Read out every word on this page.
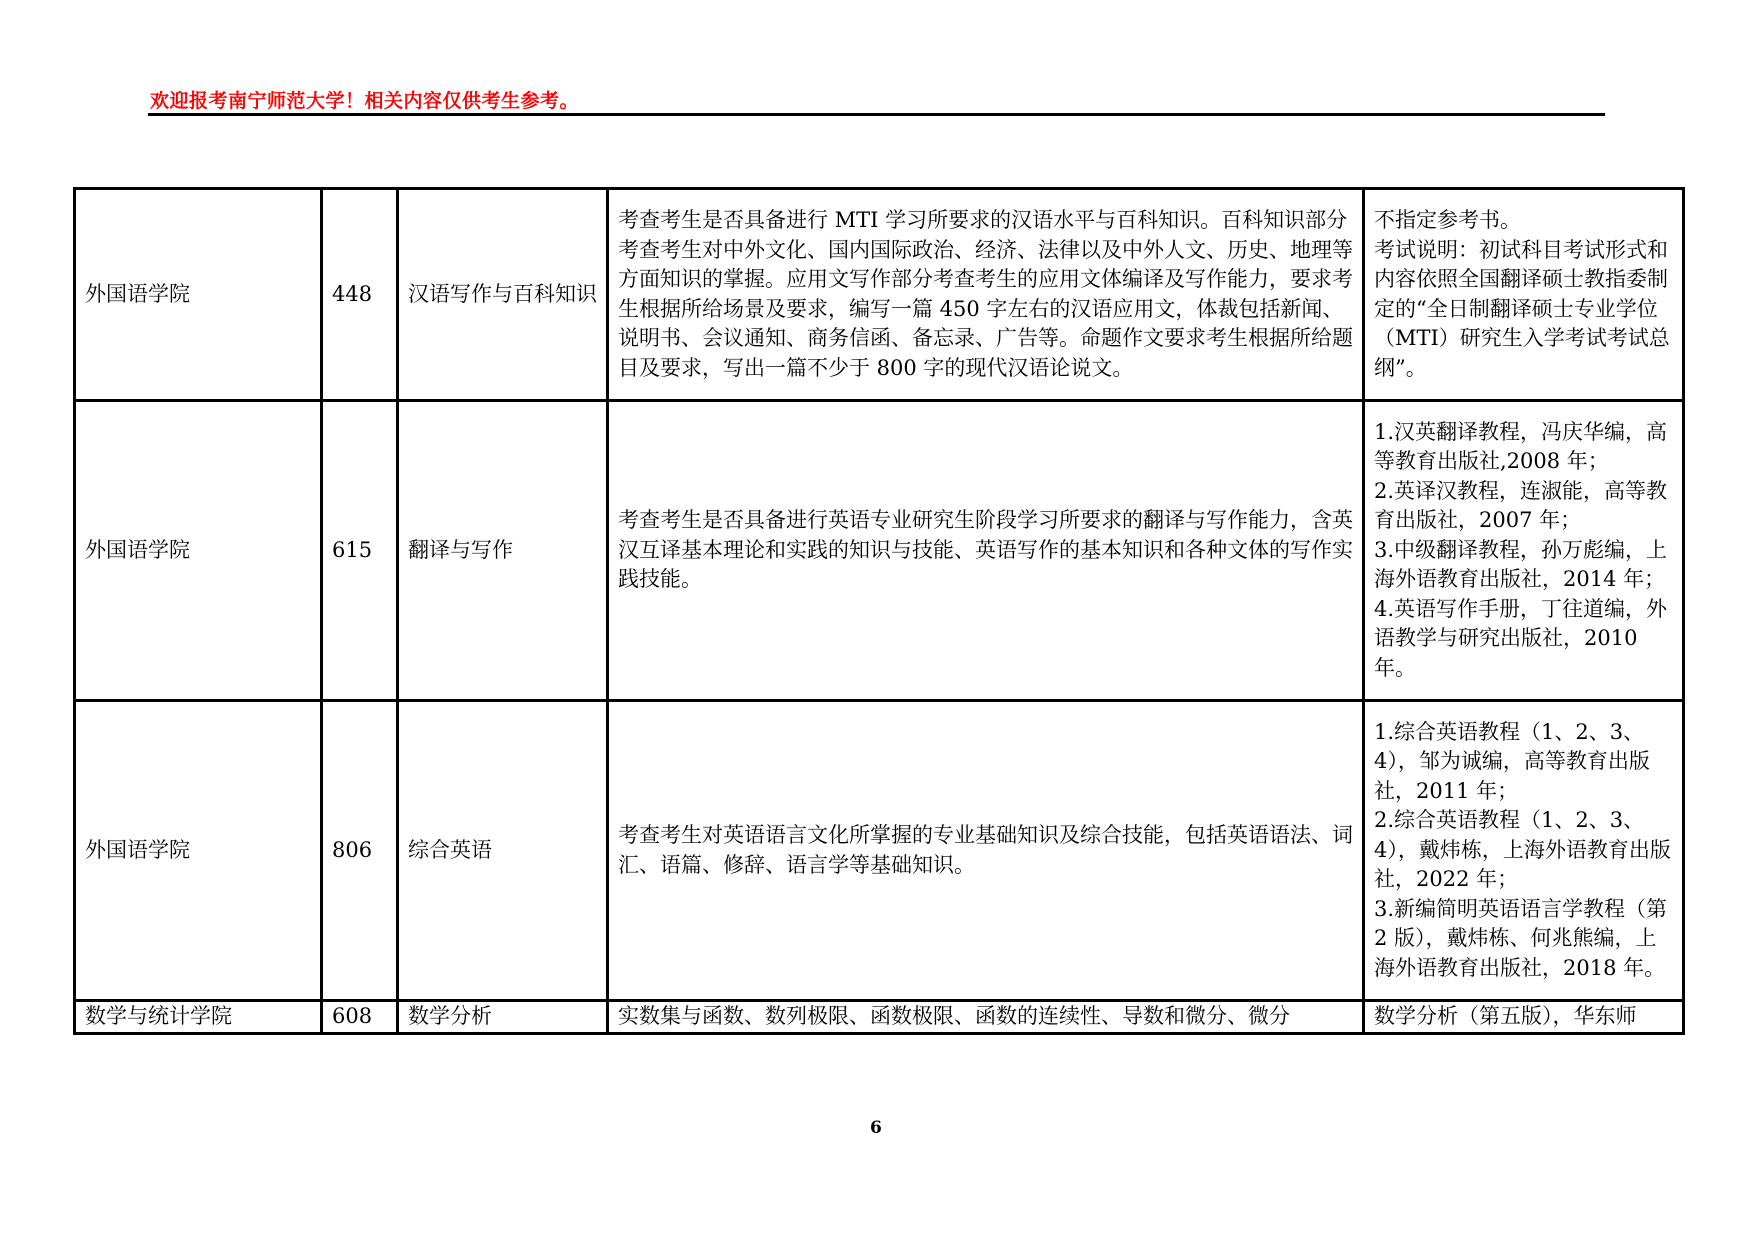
欢迎报考南宁师范大学！相关内容仅供考生参考。
外国语学院	448	汉语写作与百科知识	考查考生是否具备进行 MTI 学习所要求的汉语水平与百科知识。百科知识部分考查考生对中外文化、国内国际政治、经济、法律以及中外人文、历史、地理等方面知识的掌握。应用文写作部分考查考生的应用文体编译及写作能力，要求考生根据所给场景及要求，编写一篇 450 字左右的汉语应用文，体裁包括新闻、说明书、会议通知、商务信函、备忘录、广告等。命题作文要求考生根据所给题目及要求，写出一篇不少于 800 字的现代汉语论说文。	不指定参考书。
考试说明：初试科目考试形式和内容依照全国翻译硕士教指委制定的“全日制翻译硕士专业学位（MTI）研究生入学考试考试总纲”。

外国语学院	615	翻译与写作	考查考生是否具备进行英语专业研究生阶段学习所要求的翻译与写作能力，含英汉互译基本理论和实践的知识与技能、英语写作的基本知识和各种文体的写作实践技能。	1.汉英翻译教程，冯庆华编，高等教育出版社,2008 年；
2.英译汉教程，连淑能，高等教育出版社，2007 年；
3.中级翻译教程，孙万彪编，上海外语教育出版社，2014 年；
4.英语写作手册，丁往道编，外语教学与研究出版社，2010 年。

外国语学院	806	综合英语	考查考生对英语语言文化所掌握的专业基础知识及综合技能，包括英语语法、词汇、语篇、修辞、语言学等基础知识。	1.综合英语教程（1、2、3、4），邹为诚编，高等教育出版社，2011 年；
2.综合英语教程（1、2、3、4），戴炜栋，上海外语教育出版社，2022 年；
3.新编简明英语语言学教程（第 2 版），戴炜栋、何兆熊编，上海外语教育出版社，2018 年。

数学与统计学院	608	数学分析	实数集与函数、数列极限、函数极限、函数的连续性、导数和微分、微分	数学分析（第五版），华东师
6
